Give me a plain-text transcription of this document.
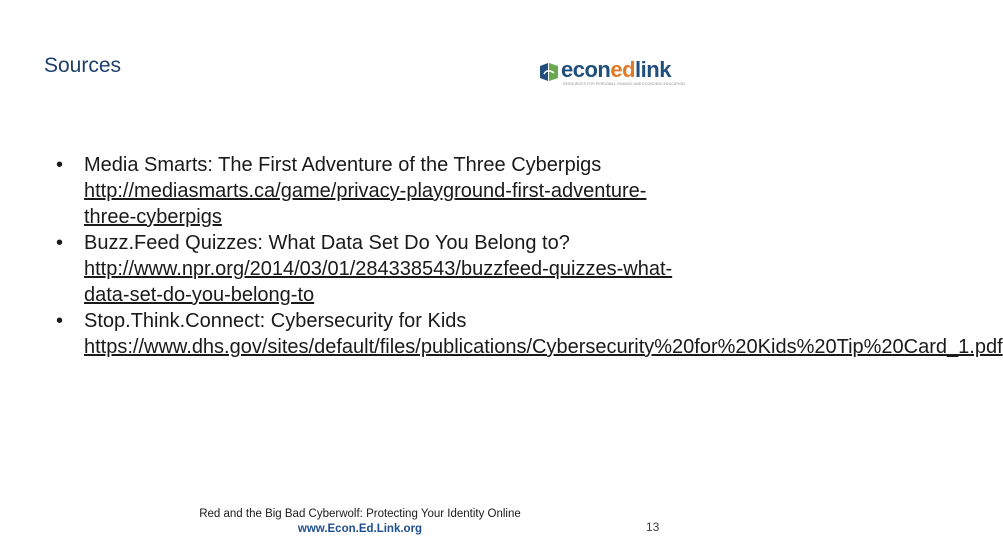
Sources	econedlink
RESOURCES FOR PERSONAL FINANCE AND ECONOMIC EDUCATION
• Media Smarts: The First Adventure of the Three Cyberpigs http://mediasmarts.ca/game/privacy-playground-first-adventure-three-cyberpigs
• Buzz.Feed Quizzes: What Data Set Do You Belong to? http://www.npr.org/2014/03/01/284338543/buzzfeed-quizzes-what-data-set-do-you-belong-to
• Stop.Think.Connect: Cybersecurity for Kids https://www.dhs.gov/sites/default/files/publications/Cybersecurity%20for%20Kids%20Tip%20Card_1.pdf
Red and the Big Bad Cyberwolf: Protecting Your Identity Online
www.Econ.Ed.Link.org	13
